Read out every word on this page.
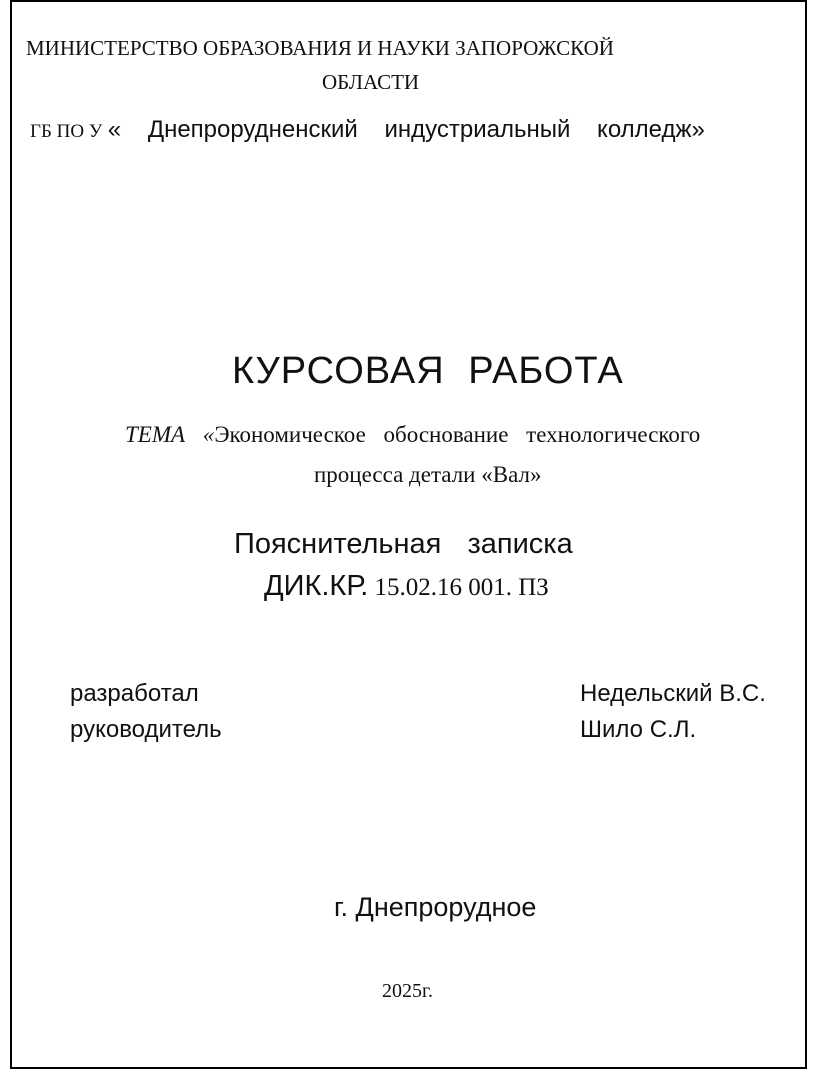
МИНИСТЕРСТВО ОБРАЗОВАНИЯ И НАУКИ ЗАПОРОЖСКОЙ
ОБЛАСТИ
ГБ ПО У « Днепрорудненский индустриальный колледж»
КУРСОВАЯ РАБОТА
ТЕМА «Экономическое обоснование технологического
процесса детали «Вал»
Пояснительная записка
ДИК.КР. 15.02.16 001. ПЗ
разработал	Недельский В.С.
руководитель	Шило С.Л.
г. Днепрорудное
2025г.
